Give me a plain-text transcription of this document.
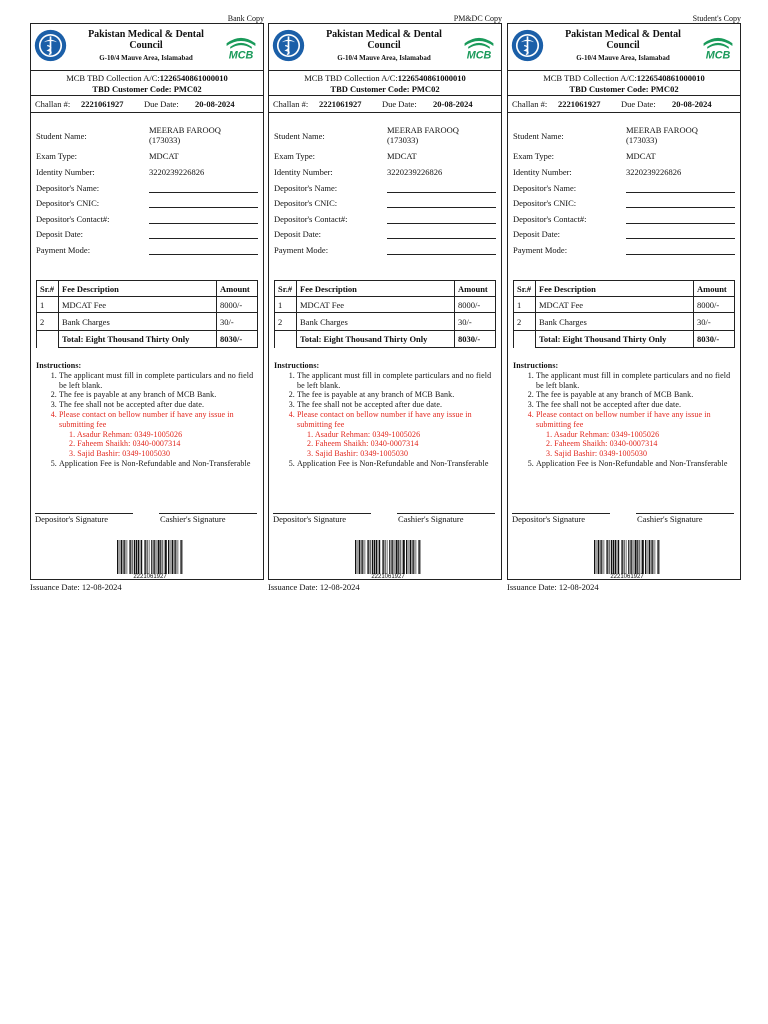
Bank Copy
Pakistan Medical & Dental
Council
G-10/4 Mauve Area, Islamabad	MCB
MCB TBD Collection A/C:1226540861000010
TBD Customer Code: PMC02
Challan #: 2221061927 Due Date: 20-08-2024
Student Name:
MEERAB FAROOQ
(173033)
Exam Type:	MDCAT
Identity Number:	3220239226826
Depositor's Name:
Depositor's CNIC:
Depositor's Contact#:
Deposit Date:
Payment Mode:
Sr.#	Fee Description	Amount
1	MDCAT Fee	8000/-
2	Bank Charges	30/-
	Total: Eight Thousand Thirty Only	8030/-
Instructions:
1. The applicant must fill in complete particulars and no field be left blank.
2. The fee is payable at any branch of MCB Bank.
3. The fee shall not be accepted after due date.
4. Please contact on bellow number if have any issue in submitting fee
1. Asadur Rehman: 0349-1005026
2. Faheem Shaikh: 0340-0007314
3. Sajid Bashir: 0349-1005030
5. Application Fee is Non-Refundable and Non-Transferable
Depositor's Signature	Cashier's Signature
2221061927
Issuance Date: 12-08-2024
PM&DC Copy
Pakistan Medical & Dental
Council
G-10/4 Mauve Area, Islamabad	MCB
MCB TBD Collection A/C:1226540861000010
TBD Customer Code: PMC02
Challan #: 2221061927 Due Date: 20-08-2024
Student Name:
MEERAB FAROOQ
(173033)
Exam Type:	MDCAT
Identity Number:	3220239226826
Depositor's Name:
Depositor's CNIC:
Depositor's Contact#:
Deposit Date:
Payment Mode:
Sr.#	Fee Description	Amount
1	MDCAT Fee	8000/-
2	Bank Charges	30/-
	Total: Eight Thousand Thirty Only	8030/-
Instructions:
1. The applicant must fill in complete particulars and no field be left blank.
2. The fee is payable at any branch of MCB Bank.
3. The fee shall not be accepted after due date.
4. Please contact on bellow number if have any issue in submitting fee
1. Asadur Rehman: 0349-1005026
2. Faheem Shaikh: 0340-0007314
3. Sajid Bashir: 0349-1005030
5. Application Fee is Non-Refundable and Non-Transferable
Depositor's Signature	Cashier's Signature
2221061927
Issuance Date: 12-08-2024
Student's Copy
Pakistan Medical & Dental
Council
G-10/4 Mauve Area, Islamabad	MCB
MCB TBD Collection A/C:1226540861000010
TBD Customer Code: PMC02
Challan #: 2221061927 Due Date: 20-08-2024
Student Name:
MEERAB FAROOQ
(173033)
Exam Type:	MDCAT
Identity Number:	3220239226826
Depositor's Name:
Depositor's CNIC:
Depositor's Contact#:
Deposit Date:
Payment Mode:
Sr.#	Fee Description	Amount
1	MDCAT Fee	8000/-
2	Bank Charges	30/-
	Total: Eight Thousand Thirty Only	8030/-
Instructions:
1. The applicant must fill in complete particulars and no field be left blank.
2. The fee is payable at any branch of MCB Bank.
3. The fee shall not be accepted after due date.
4. Please contact on bellow number if have any issue in submitting fee
1. Asadur Rehman: 0349-1005026
2. Faheem Shaikh: 0340-0007314
3. Sajid Bashir: 0349-1005030
5. Application Fee is Non-Refundable and Non-Transferable
Depositor's Signature	Cashier's Signature
2221061927
Issuance Date: 12-08-2024
